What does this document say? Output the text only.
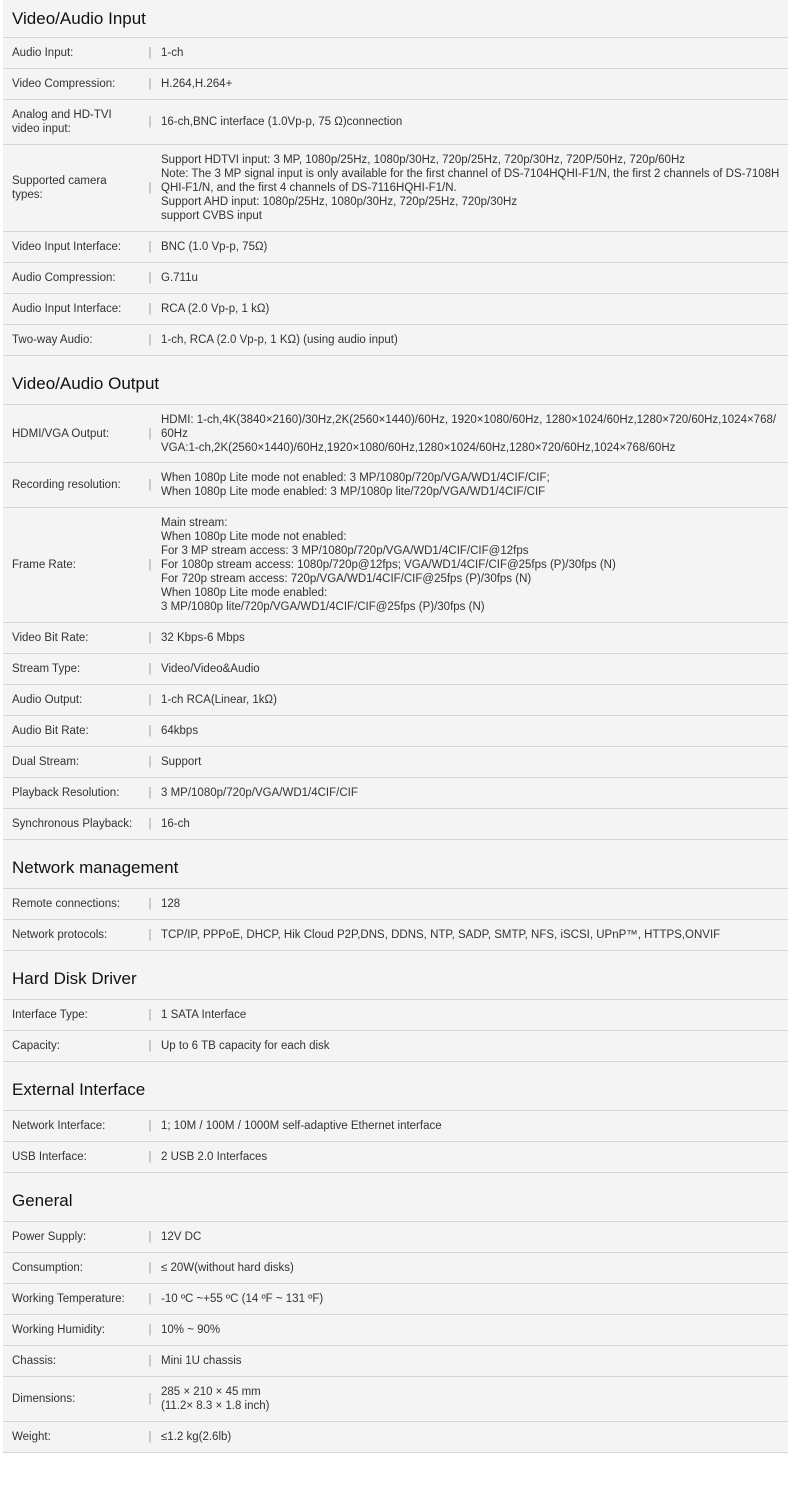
Video/Audio Input
Audio Input:	| 1-ch
Video Compression:	| H.264,H.264+
Analog and HD-TVI video input:
| 16-ch,BNC interface (1.0Vp-p, 75 Ω)connection
Supported camera types:
|
Support HDTVI input: 3 MP, 1080p/25Hz, 1080p/30Hz, 720p/25Hz, 720p/30Hz, 720P/50Hz, 720p/60Hz
Note: The 3 MP signal input is only available for the first channel of DS-7104HQHI-F1/N, the first 2 channels of DS-7108HQHI-F1/N, and the first 4 channels of DS-7116HQHI-F1/N.
Support AHD input: 1080p/25Hz, 1080p/30Hz, 720p/25Hz, 720p/30Hz
support CVBS input
Video Input Interface:	| BNC (1.0 Vp-p, 75Ω)
Audio Compression:	| G.711u
Audio Input Interface:	| RCA (2.0 Vp-p, 1 kΩ)
Two-way Audio:	| 1-ch, RCA (2.0 Vp-p, 1 KΩ) (using audio input)
Video/Audio Output
HDMI/VGA Output:	|
HDMI: 1-ch,4K(3840×2160)/30Hz,2K(2560×1440)/60Hz, 1920×1080/60Hz, 1280×1024/60Hz,1280×720/60Hz,1024×768/60Hz
VGA:1-ch,2K(2560×1440)/60Hz,1920×1080/60Hz,1280×1024/60Hz,1280×720/60Hz,1024×768/60Hz
Recording resolution:	|
When 1080p Lite mode not enabled: 3 MP/1080p/720p/VGA/WD1/4CIF/CIF;
When 1080p Lite mode enabled: 3 MP/1080p lite/720p/VGA/WD1/4CIF/CIF
Frame Rate:	|
Main stream:
When 1080p Lite mode not enabled:
For 3 MP stream access: 3 MP/1080p/720p/VGA/WD1/4CIF/CIF@12fps
For 1080p stream access: 1080p/720p@12fps; VGA/WD1/4CIF/CIF@25fps (P)/30fps (N)
For 720p stream access: 720p/VGA/WD1/4CIF/CIF@25fps (P)/30fps (N)
When 1080p Lite mode enabled:
3 MP/1080p lite/720p/VGA/WD1/4CIF/CIF@25fps (P)/30fps (N)
Video Bit Rate:	| 32 Kbps-6 Mbps
Stream Type:	| Video/Video&Audio
Audio Output:	| 1-ch RCA(Linear, 1kΩ)
Audio Bit Rate:	| 64kbps
Dual Stream:	| Support
Playback Resolution:	| 3 MP/1080p/720p/VGA/WD1/4CIF/CIF
Synchronous Playback:	| 16-ch
Network management
Remote connections:	| 128
Network protocols:	| TCP/IP, PPPoE, DHCP, Hik Cloud P2P,DNS, DDNS, NTP, SADP, SMTP, NFS, iSCSI, UPnP™, HTTPS,ONVIF
Hard Disk Driver
Interface Type:	| 1 SATA Interface
Capacity:	| Up to 6 TB capacity for each disk
External Interface
Network Interface:	| 1; 10M / 100M / 1000M self-adaptive Ethernet interface
USB Interface:	| 2 USB 2.0 Interfaces
General
Power Supply:	| 12V DC
Consumption:	| ≤ 20W(without hard disks)
Working Temperature:	| -10 ºC ~+55 ºC (14 ºF ~ 131 ºF)
Working Humidity:	| 10% ~ 90%
Chassis:	| Mini 1U chassis
Dimensions:	|
285 × 210 × 45 mm
(11.2× 8.3 × 1.8 inch)
Weight:	| ≤1.2 kg(2.6lb)
